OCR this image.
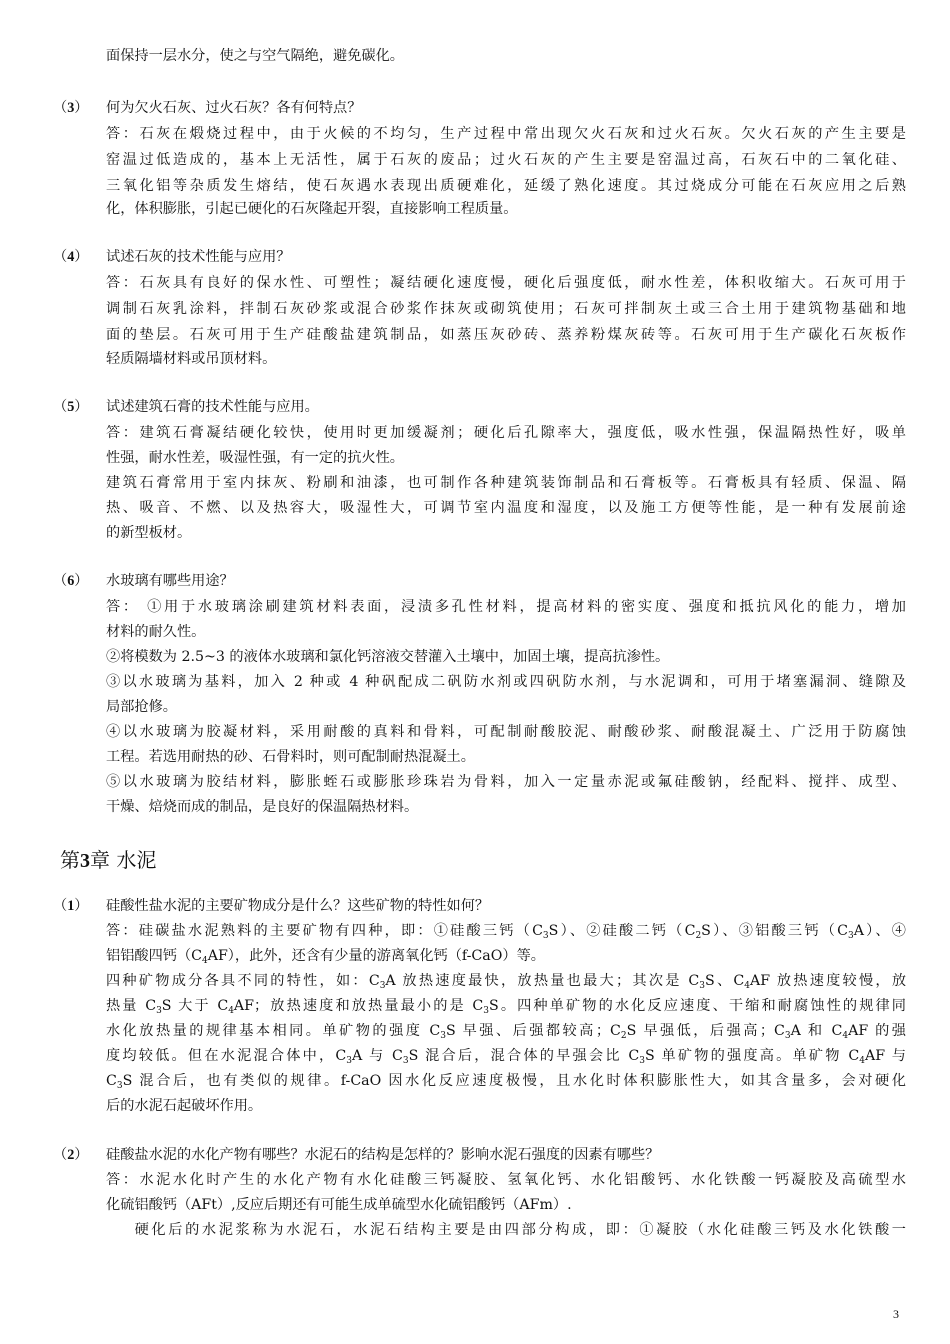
面保持一层水分，使之与空气隔绝，避免碳化。
（3） 何为欠火石灰、过火石灰？各有何特点？
答：石灰在煅烧过程中，由于火候的不均匀，生产过程中常出现欠火石灰和过火石灰。欠火石灰的产生主要是
窑温过低造成的，基本上无活性，属于石灰的废品；过火石灰的产生主要是窑温过高，石灰石中的二氧化硅、
三氧化铝等杂质发生熔结，使石灰遇水表现出质硬难化，延缓了熟化速度。其过烧成分可能在石灰应用之后熟
化，体积膨胀，引起已硬化的石灰隆起开裂，直接影响工程质量。
（4） 试述石灰的技术性能与应用？
答：石灰具有良好的保水性、可塑性；凝结硬化速度慢，硬化后强度低，耐水性差，体积收缩大。石灰可用于
调制石灰乳涂料，拌制石灰砂浆或混合砂浆作抹灰或砌筑使用；石灰可拌制灰土或三合土用于建筑物基础和地
面的垫层。石灰可用于生产硅酸盐建筑制品，如蒸压灰砂砖、蒸养粉煤灰砖等。石灰可用于生产碳化石灰板作
轻质隔墙材料或吊顶材料。
（5） 试述建筑石膏的技术性能与应用。
答：建筑石膏凝结硬化较快，使用时更加缓凝剂；硬化后孔隙率大，强度低，吸水性强，保温隔热性好，吸单
性强，耐水性差，吸湿性强，有一定的抗火性。
建筑石膏常用于室内抹灰、粉刷和油漆，也可制作各种建筑装饰制品和石膏板等。石膏板具有轻质、保温、隔
热、吸音、不燃、以及热容大，吸湿性大，可调节室内温度和湿度，以及施工方便等性能，是一种有发展前途
的新型板材。
（6） 水玻璃有哪些用途？
答： ①用于水玻璃涂刷建筑材料表面，浸渍多孔性材料，提高材料的密实度、强度和抵抗风化的能力，增加
材料的耐久性。
②将模数为 2.5~3 的液体水玻璃和氯化钙溶液交替灌入土壤中，加固土壤，提高抗渗性。
③以水玻璃为基料，加入 2 种或 4 种矾配成二矾防水剂或四矾防水剂，与水泥调和，可用于堵塞漏洞、缝隙及
局部抢修。
④以水玻璃为胶凝材料，采用耐酸的真料和骨料，可配制耐酸胶泥、耐酸砂浆、耐酸混凝土、广泛用于防腐蚀
工程。若选用耐热的砂、石骨料时，则可配制耐热混凝土。
⑤以水玻璃为胶结材料，膨胀蛭石或膨胀珍珠岩为骨料，加入一定量赤泥或氟硅酸钠，经配料、搅拌、成型、
干燥、焙烧而成的制品，是良好的保温隔热材料。
第3章 水泥
（1） 硅酸性盐水泥的主要矿物成分是什么？这些矿物的特性如何？
答：硅碳盐水泥熟料的主要矿物有四种，即：①硅酸三钙$(C_3S)$、②硅酸二钙$(C_2S)$、③铝酸三钙$(C_3A)$、④
铝铝酸四钙$(C_4AF)$，此外，还含有少量的游离氧化钙（f-CaO）等。
四种矿物成分各具不同的特性，如：$C_3A$ 放热速度最快，放热量也最大；其次是 $C_3S$、$C_4AF$ 放热速度较慢，放
热量 $C_3S$ 大于 $C_4AF$；放热速度和放热量最小的是 $C_3S$。四种单矿物的水化反应速度、干缩和耐腐蚀性的规律同
水化放热量的规律基本相同。单矿物的强度 $C_3S$ 早强、后强都较高；$C_2S$ 早强低，后强高；$C_3A$ 和 $C_4AF$ 的强
度均较低。但在水泥混合体中，$C_3A$ 与 $C_3S$ 混合后，混合体的早强会比 $C_3S$ 单矿物的强度高。单矿物 $C_4AF$ 与
$C_3S$ 混合后，也有类似的规律。f-CaO 因水化反应速度极慢，且水化时体积膨胀性大，如其含量多，会对硬化
后的水泥石起破坏作用。
（2） 硅酸盐水泥的水化产物有哪些？水泥石的结构是怎样的？影响水泥石强度的因素有哪些？
答：水泥水化时产生的水化产物有水化硅酸三钙凝胶、氢氧化钙、水化铝酸钙、水化铁酸一钙凝胶及高硫型水
化硫铝酸钙（AFt）,反应后期还有可能生成单硫型水化硫铝酸钙（AFm）.
硬化后的水泥浆称为水泥石，水泥石结构主要是由四部分构成，即：①凝胶（水化硅酸三钙及水化铁酸一
3
